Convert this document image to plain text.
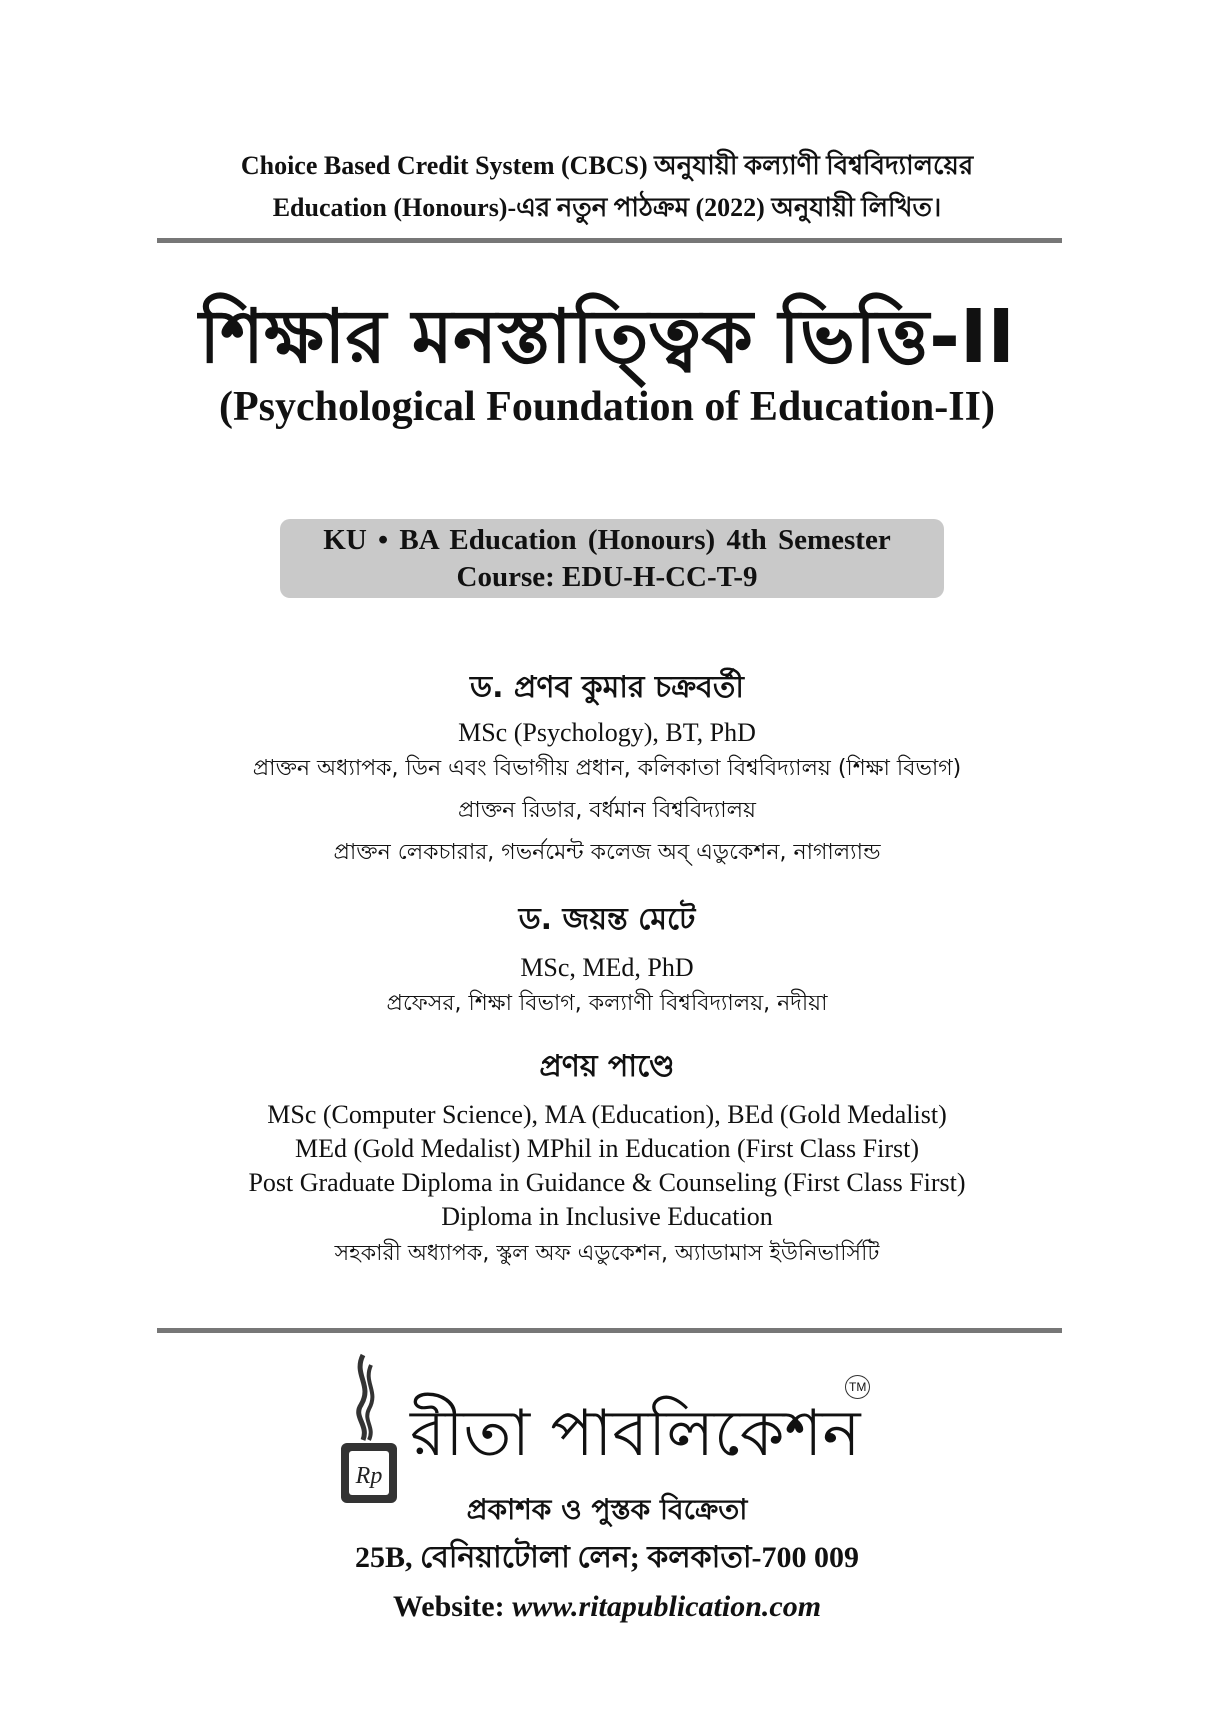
Choice Based Credit System (CBCS) অনুযায়ী কল্যাণী বিশ্ববিদ্যালয়ের
Education (Honours)-এর নতুন পাঠক্রম (2022) অনুযায়ী লিখিত।
শিক্ষার মনস্তাত্ত্বিক ভিত্তি-II
(Psychological Foundation of Education-II)
KU • BA Education (Honours) 4th Semester
Course: EDU-H-CC-T-9
ড. প্রণব কুমার চক্রবর্তী
MSc (Psychology), BT, PhD
প্রাক্তন অধ্যাপক, ডিন এবং বিভাগীয় প্রধান, কলিকাতা বিশ্ববিদ্যালয় (শিক্ষা বিভাগ)
প্রাক্তন রিডার, বর্ধমান বিশ্ববিদ্যালয়
প্রাক্তন লেকচারার, গভর্নমেন্ট কলেজ অব্ এডুকেশন, নাগাল্যান্ড
ড. জয়ন্ত মেটে
MSc, MEd, PhD
প্রফেসর, শিক্ষা বিভাগ, কল্যাণী বিশ্ববিদ্যালয়, নদীয়া
প্রণয় পাণ্ডে
MSc (Computer Science), MA (Education), BEd (Gold Medalist)
MEd (Gold Medalist) MPhil in Education (First Class First)
Post Graduate Diploma in Guidance & Counseling (First Class First)
Diploma in Inclusive Education
সহকারী অধ্যাপক, স্কুল অফ এডুকেশন, অ্যাডামাস ইউনিভার্সিটি
Rp
রীতা পাবলিকেশন
TM
প্রকাশক ও পুস্তক বিক্রেতা
25B, বেনিয়াটোলা লেন; কলকাতা-700 009
Website: www.ritapublication.com
